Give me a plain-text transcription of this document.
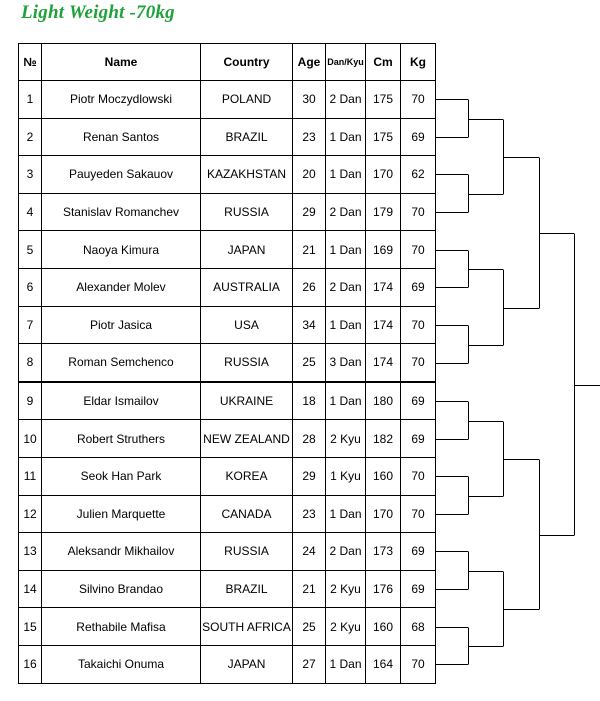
Light Weight -70kg
№	Name	Country	Age	Dan/Kyu	Cm	Kg
1	Piotr Moczydlowski	POLAND	30	2 Dan	175	70
2	Renan Santos	BRAZIL	23	1 Dan	175	69
3	Pauyeden Sakauov	KAZAKHSTAN	20	1 Dan	170	62
4	Stanislav Romanchev	RUSSIA	29	2 Dan	179	70
5	Naoya Kimura	JAPAN	21	1 Dan	169	70
6	Alexander Molev	AUSTRALIA	26	2 Dan	174	69
7	Piotr Jasica	USA	34	1 Dan	174	70
8	Roman Semchenco	RUSSIA	25	3 Dan	174	70
9	Eldar Ismailov	UKRAINE	18	1 Dan	180	69
10	Robert Struthers	NEW ZEALAND	28	2 Kyu	182	69
11	Seok Han Park	KOREA	29	1 Kyu	160	70
12	Julien Marquette	CANADA	23	1 Dan	170	70
13	Aleksandr Mikhailov	RUSSIA	24	2 Dan	173	69
14	Silvino Brandao	BRAZIL	21	2 Kyu	176	69
15	Rethabile Mafisa	SOUTH AFRICA	25	2 Kyu	160	68
16	Takaichi Onuma	JAPAN	27	1 Dan	164	70
